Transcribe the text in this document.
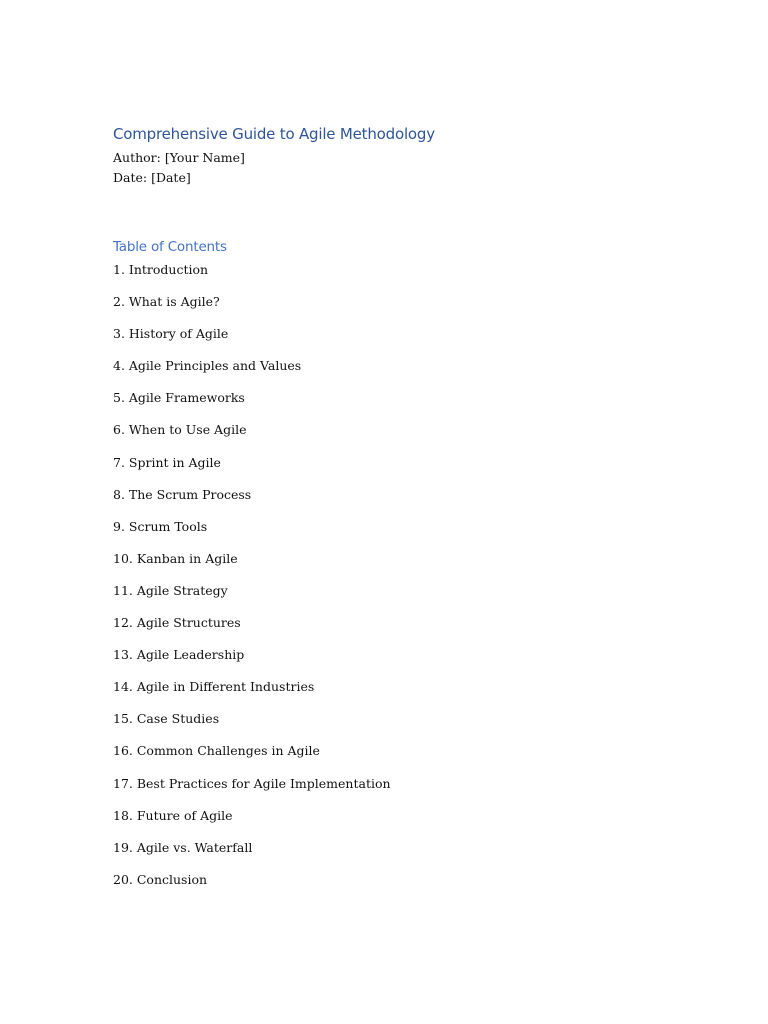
Comprehensive Guide to Agile Methodology

Author: [Your Name]

Date: [Date]

Table of Contents
1. Introduction
2. What is Agile?
3. History of Agile
4. Agile Principles and Values
5. Agile Frameworks
6. When to Use Agile
7. Sprint in Agile
8. The Scrum Process
9. Scrum Tools
10. Kanban in Agile
11. Agile Strategy
12. Agile Structures
13. Agile Leadership
14. Agile in Different Industries
15. Case Studies
16. Common Challenges in Agile
17. Best Practices for Agile Implementation
18. Future of Agile
19. Agile vs. Waterfall
20. Conclusion
